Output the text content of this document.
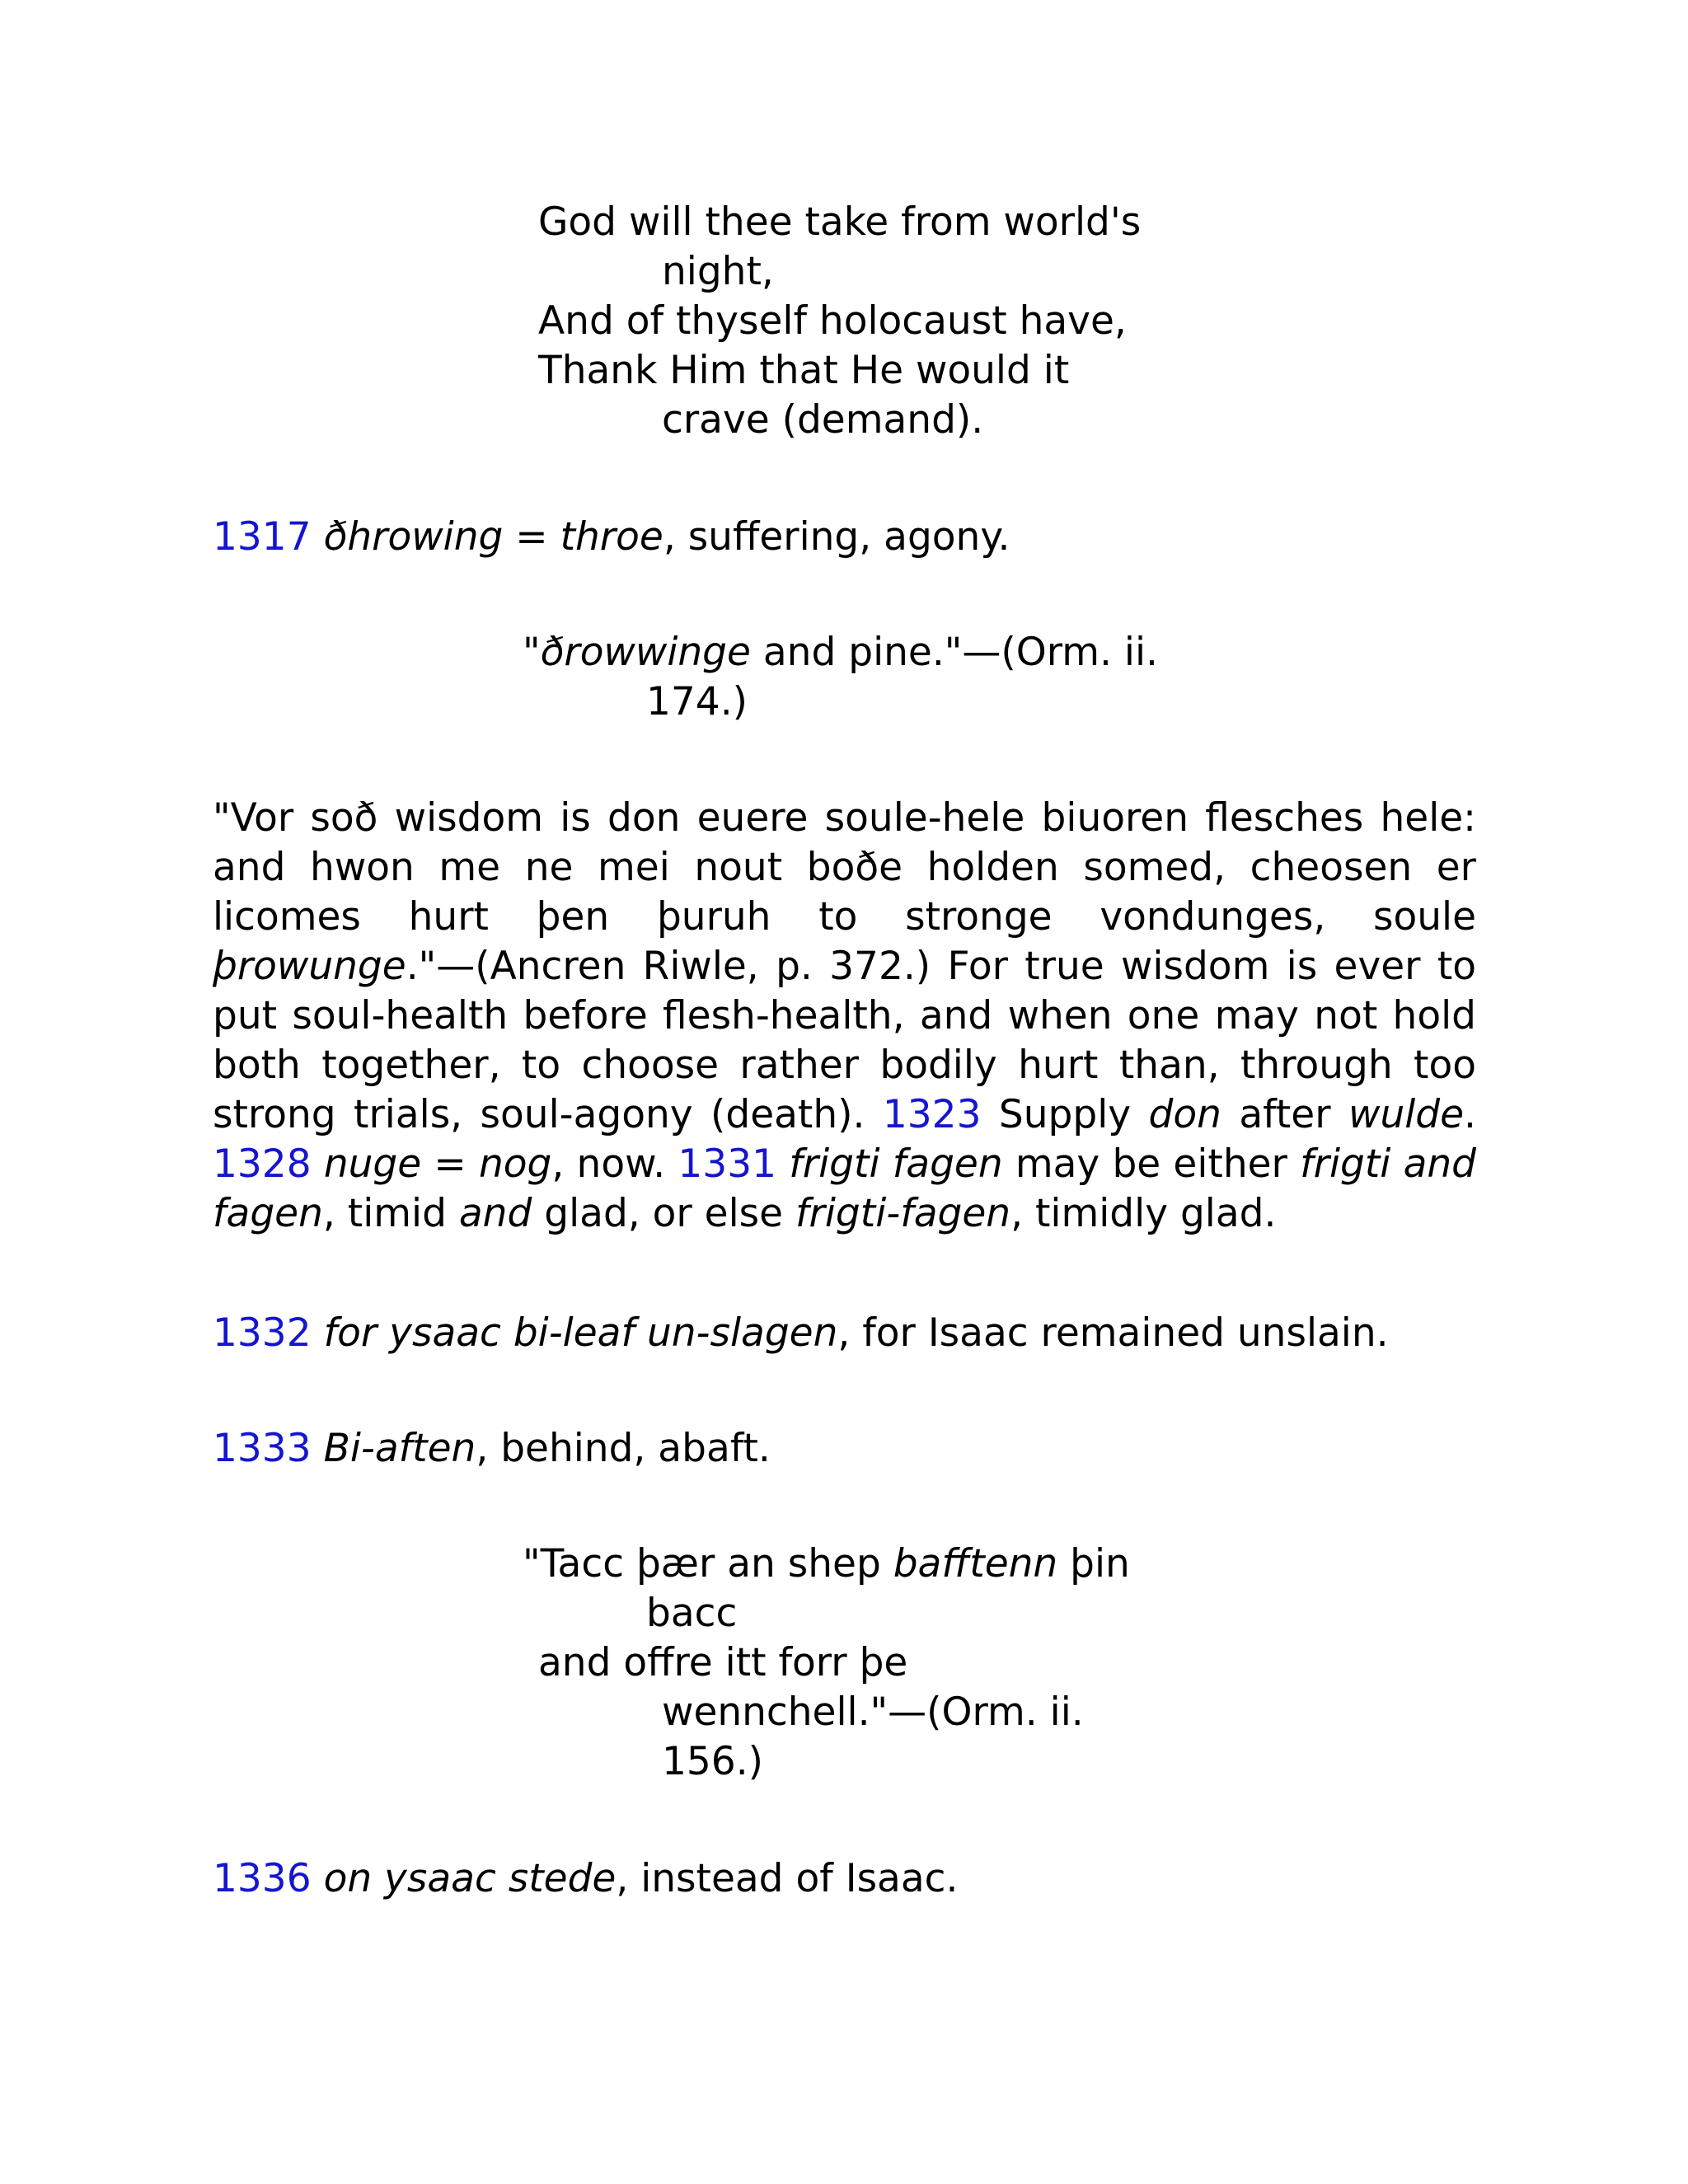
God will thee take from world's
night,
And of thyself holocaust have,
Thank Him that He would it
crave (demand).
1317 ðhrowing = throe, suffering, agony.
"ðrowwinge and pine."—(Orm. ii.
174.)
"Vor soð wisdom is don euere soule-hele biuoren flesches hele: and hwon me ne mei nout boðe holden somed, cheosen er licomes hurt þen þuruh to stronge vondunges, soule þrowunge."—(Ancren Riwle, p. 372.) For true wisdom is ever to put soul-health before flesh-health, and when one may not hold both together, to choose rather bodily hurt than, through too strong trials, soul-agony (death). 1323 Supply don after wulde. 1328 nuge = nog, now. 1331 frigti fagen may be either frigti and fagen, timid and glad, or else frigti-fagen, timidly glad.
1332 for ysaac bi-leaf un-slagen, for Isaac remained unslain.
1333 Bi-aften, behind, abaft.
"Tacc þær an shep bafftenn þin
bacc
and offre itt forr þe
wennchell."—(Orm. ii.
156.)
1336 on ysaac stede, instead of Isaac.
